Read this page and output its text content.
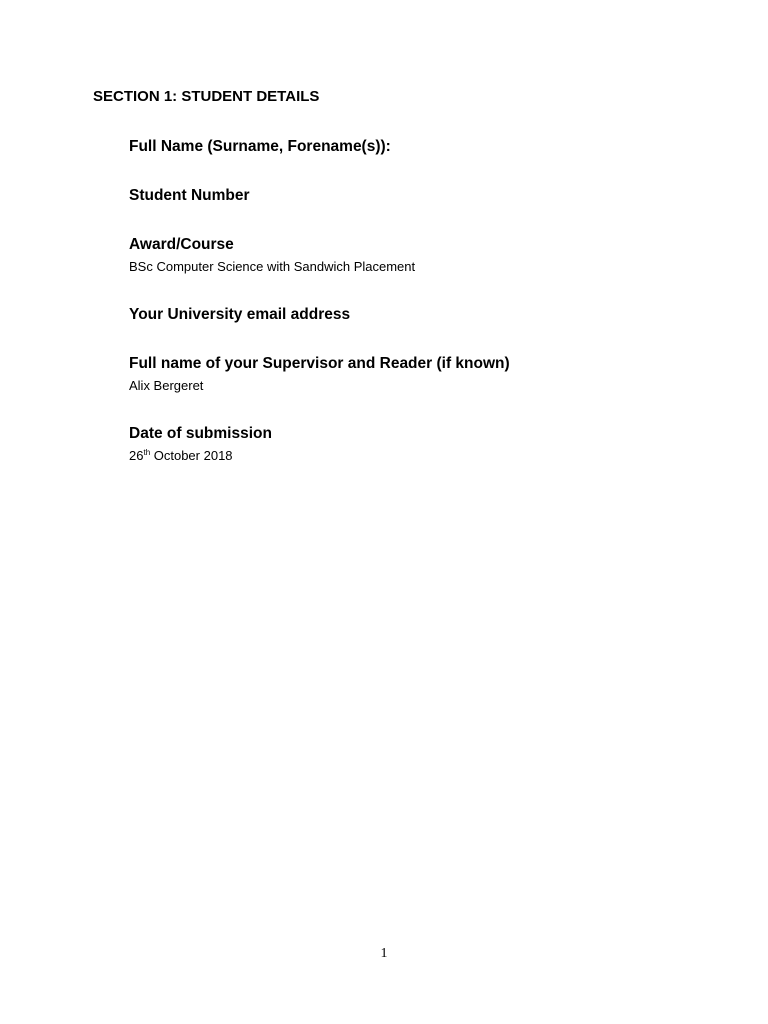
SECTION 1: STUDENT DETAILS

Full Name (Surname, Forename(s)):

Student Number

Award/Course

BSc Computer Science with Sandwich Placement

Your University email address

Full name of your Supervisor and Reader (if known)

Alix Bergeret

Date of submission

26th October 2018

1
